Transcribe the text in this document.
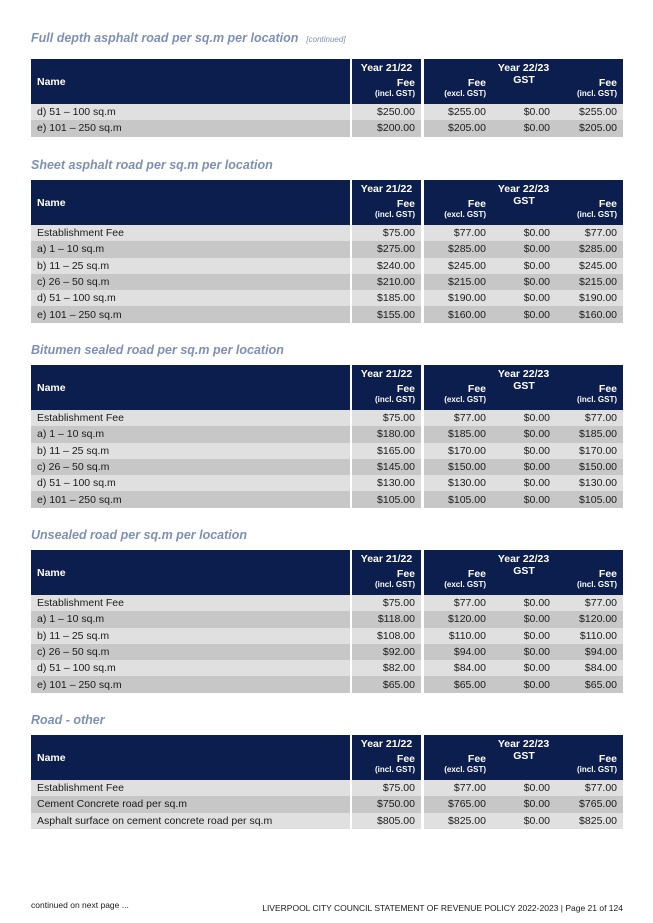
Full depth asphalt road per sq.m per location [continued]
Name		Year 21/22		Year 22/23		
		Fee		Fee	GST	Fee
		(incl. GST)		(excl. GST)		(incl. GST)
d) 51 – 100 sq.m		$250.00		$255.00	$0.00	$255.00
e) 101 – 250 sq.m		$200.00		$205.00	$0.00	$205.00
Sheet asphalt road per sq.m per location
Name		Year 21/22		Year 22/23		
		Fee		Fee	GST	Fee
		(incl. GST)		(excl. GST)		(incl. GST)
Establishment Fee		$75.00		$77.00	$0.00	$77.00
a) 1 – 10 sq.m		$275.00		$285.00	$0.00	$285.00
b) 11 – 25 sq.m		$240.00		$245.00	$0.00	$245.00
c) 26 – 50 sq.m		$210.00		$215.00	$0.00	$215.00
d) 51 – 100 sq.m		$185.00		$190.00	$0.00	$190.00
e) 101 – 250 sq.m		$155.00		$160.00	$0.00	$160.00
Bitumen sealed road per sq.m per location
Name		Year 21/22		Year 22/23		
		Fee		Fee	GST	Fee
		(incl. GST)		(excl. GST)		(incl. GST)
Establishment Fee		$75.00		$77.00	$0.00	$77.00
a) 1 – 10 sq.m		$180.00		$185.00	$0.00	$185.00
b) 11 – 25 sq.m		$165.00		$170.00	$0.00	$170.00
c) 26 – 50 sq.m		$145.00		$150.00	$0.00	$150.00
d) 51 – 100 sq.m		$130.00		$130.00	$0.00	$130.00
e) 101 – 250 sq.m		$105.00		$105.00	$0.00	$105.00
Unsealed road per sq.m per location
Name		Year 21/22		Year 22/23		
		Fee		Fee	GST	Fee
		(incl. GST)		(excl. GST)		(incl. GST)
Establishment Fee		$75.00		$77.00	$0.00	$77.00
a) 1 – 10 sq.m		$118.00		$120.00	$0.00	$120.00
b) 11 – 25 sq.m		$108.00		$110.00	$0.00	$110.00
c) 26 – 50 sq.m		$92.00		$94.00	$0.00	$94.00
d) 51 – 100 sq.m		$82.00		$84.00	$0.00	$84.00
e) 101 – 250 sq.m		$65.00		$65.00	$0.00	$65.00
Road - other
Name		Year 21/22		Year 22/23		
		Fee		Fee	GST	Fee
		(incl. GST)		(excl. GST)		(incl. GST)
Establishment Fee		$75.00		$77.00	$0.00	$77.00
Cement Concrete road per sq.m		$750.00		$765.00	$0.00	$765.00
Asphalt surface on cement concrete road per sq.m		$805.00		$825.00	$0.00	$825.00
continued on next page ...	LIVERPOOL CITY COUNCIL STATEMENT OF REVENUE POLICY 2022-2023 | Page 21 of 124
